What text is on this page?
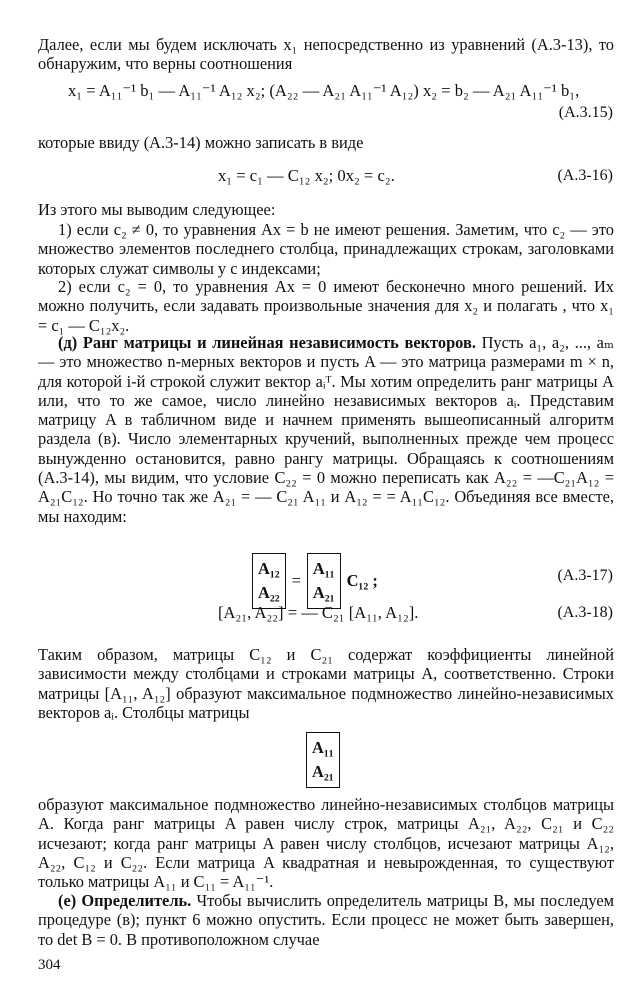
Далее, если мы будем исключать x₁ непосредственно из уравнений (А.3-13), то обнаружим, что верны соотношения

x₁ = A₁₁⁻¹ b₁ — A₁₁⁻¹ A₁₂ x₂; (A₂₂ — A₂₁ A₁₁⁻¹ A₁₂) x₂ = b₂ — A₂₁ A₁₁⁻¹ b₁,
(А.3.15)

которые ввиду (А.3-14) можно записать в виде

x₁ = c₁ — C₁₂ x₂; 0x₂ = c₂.	(А.3-16)

Из этого мы выводим следующее:

1) если c₂ ≠ 0, то уравнения Ax = b не имеют решения. Заметим, что c₂ — это множество элементов последнего столбца, принадлежащих строкам, заголовками которых служат символы y с индексами;

2) если c₂ = 0, то уравнения Ax = 0 имеют бесконечно много решений. Их можно получить, если задавать произвольные значения для x₂ и полагать , что x₁ = c₁ — C₁₂x₂.

(д) Ранг матрицы и линейная независимость векторов. Пусть a₁, a₂, ..., aₘ — это множество n-мерных векторов и пусть A — это матрица размерами m × n, для которой i-й строкой служит вектор aᵢᵀ. Мы хотим определить ранг матрицы A или, что то же самое, число линейно независимых векторов aᵢ. Представим матрицу A в табличном виде и начнем применять вышеописанный алгоритм раздела (в). Число элементарных кручений, выполненных прежде чем процесс вынужденно остановится, равно рангу матрицы. Обращаясь к соотношениям (А.3-14), мы видим, что условие C₂₂ = 0 можно переписать как A₂₂ = —C₂₁A₁₂ = A₂₁C₁₂. Но точно так же A₂₁ = — C₂₁ A₁₁ и A₁₂ = = A₁₁C₁₂. Объединяя все вместе, мы находим:

A₁₂
A₂₂
=
A₁₁
A₂₁
C₁₂ ;	(А.3-17)
[A₂₁, A₂₂] = — C₂₁ [A₁₁, A₁₂].	(А.3-18)

Таким образом, матрицы C₁₂ и C₂₁ содержат коэффициенты линейной зависимости между столбцами и строками матрицы A, соответственно. Строки матрицы [A₁₁, A₁₂] образуют максимальное подмножество линейно-независимых векторов aᵢ. Столбцы матрицы

A₁₁
A₂₁

образуют максимальное подмножество линейно-независимых столбцов матрицы A. Когда ранг матрицы A равен числу строк, матрицы A₂₁, A₂₂, C₂₁ и C₂₂ исчезают; когда ранг матрицы A равен числу столбцов, исчезают матрицы A₁₂, A₂₂, C₁₂ и C₂₂. Если матрица A квадратная и невырожденная, то существуют только матрицы A₁₁ и C₁₁ = A₁₁⁻¹.

(е) Определитель. Чтобы вычислить определитель матрицы B, мы последуем процедуре (в); пункт 6 можно опустить. Если процесс не может быть завершен, то det B = 0. В противоположном случае

304
